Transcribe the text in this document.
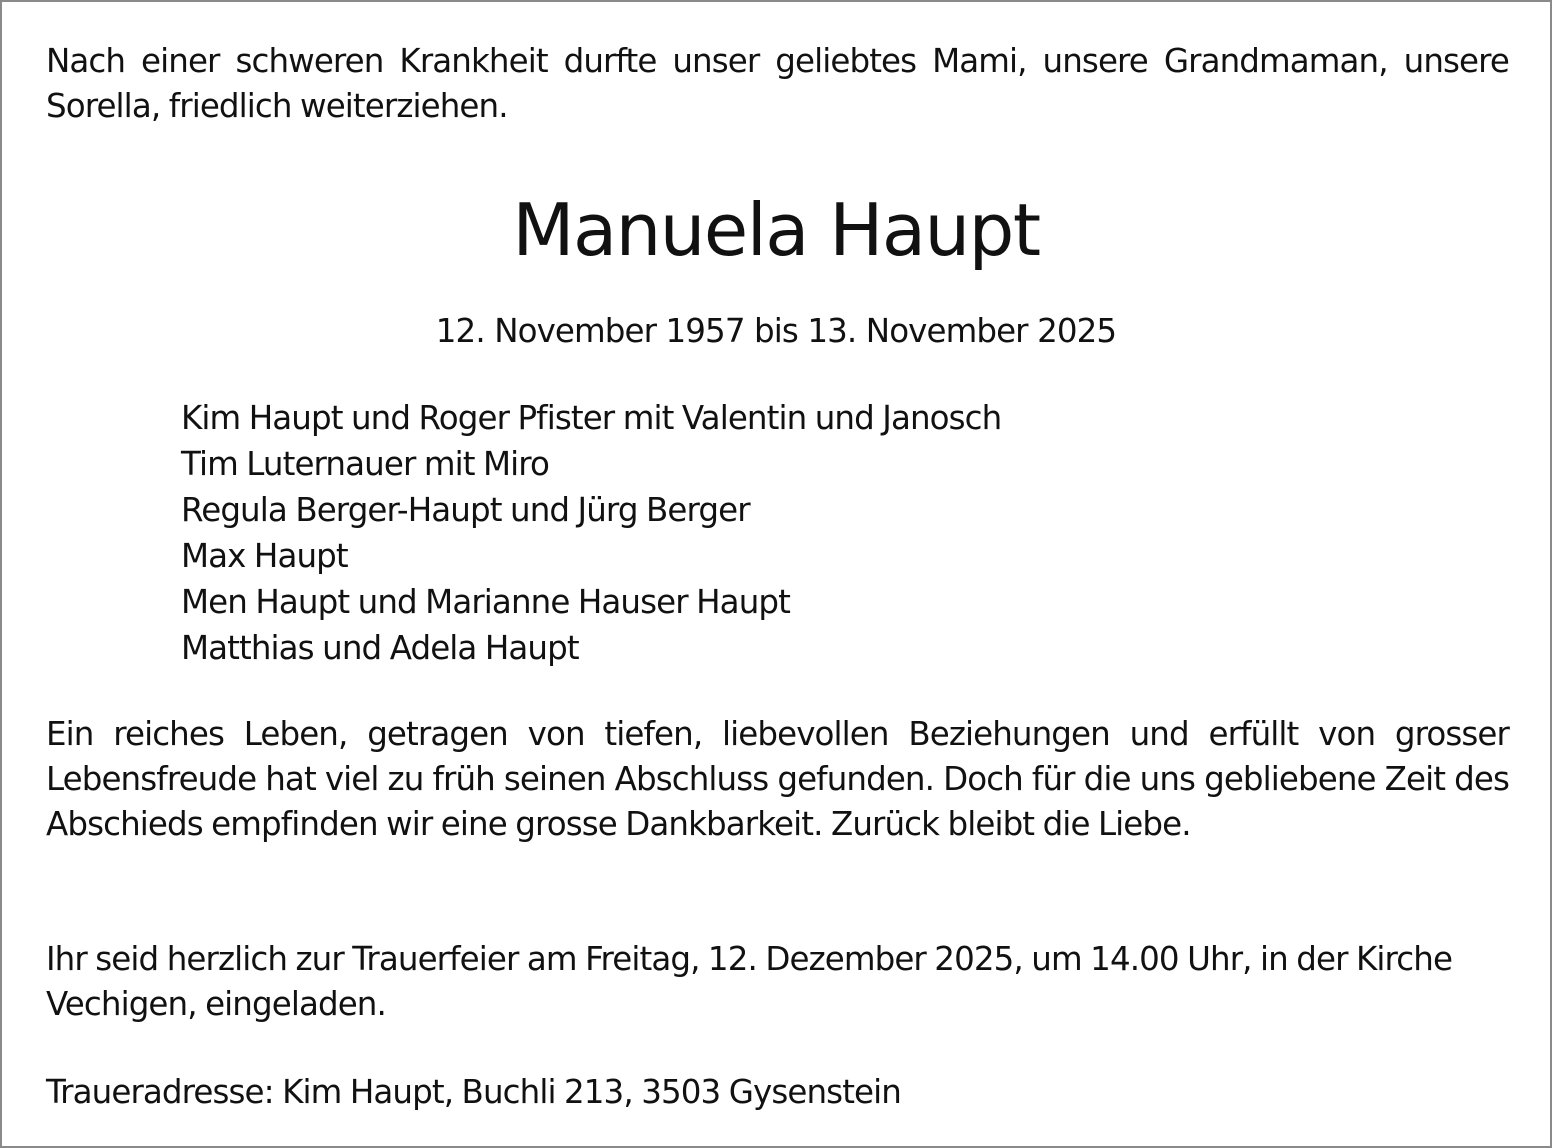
Nach einer schweren Krankheit durfte unser geliebtes Mami, unsere Grandmaman, unsere Sorella, friedlich weiterziehen.
Manuela Haupt
12. November 1957 bis 13. November 2025
Kim Haupt und Roger Pfister mit Valentin und Janosch
Tim Luternauer mit Miro
Regula Berger-Haupt und Jürg Berger
Max Haupt
Men Haupt und Marianne Hauser Haupt
Matthias und Adela Haupt
Ein reiches Leben, getragen von tiefen, liebevollen Beziehungen und erfüllt von grosser Lebensfreude hat viel zu früh seinen Abschluss gefunden. Doch für die uns gebliebene Zeit des Abschieds empfinden wir eine grosse Dankbarkeit. Zurück bleibt die Liebe.
Ihr seid herzlich zur Trauerfeier am Freitag, 12. Dezember 2025, um 14.00 Uhr, in der Kirche Vechigen, eingeladen.
Traueradresse: Kim Haupt, Buchli 213, 3503 Gysenstein
